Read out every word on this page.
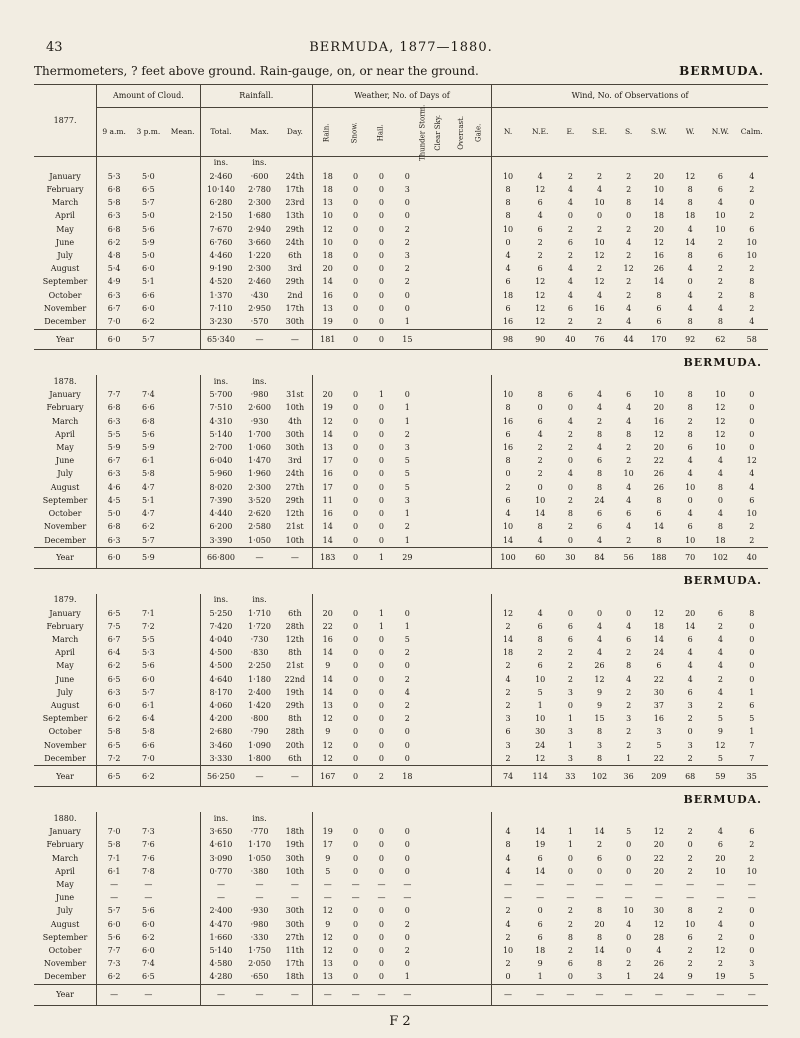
43	BERMUDA, 1877—1880.
Thermometers, ? feet above ground. Rain-gauge, on, or near the ground.	BERMUDA.
1877.	Amount of Cloud.			Rainfall.			Weather, No. of Days of							Wind, No. of Observations of								
	9 a.m.	3 p.m.	Mean.	Total.	Max.	Day.	Rain.	Snow.	Hail.	Thunder Storm.	Clear Sky.	Overcast.	Gale.	N.	N.E.	E.	S.E.	S.	S.W.	W.	N.W.	Calm.
				ins.	ins.																	
January	5·3	5·0		2·460	·600	24th	18	0	0	0				10	4	2	2	2	20	12	6	4
February	6·8	6·5		10·140	2·780	17th	18	0	0	3				8	12	4	4	2	10	8	6	2
March	5·8	5·7		6·280	2·300	23rd	13	0	0	0				8	6	4	10	8	14	8	4	0
April	6·3	5·0		2·150	1·680	13th	10	0	0	0				8	4	0	0	0	18	18	10	2
May	6·8	5·6		7·670	2·940	29th	12	0	0	2				10	6	2	2	2	20	4	10	6
June	6·2	5·9		6·760	3·660	24th	10	0	0	2				0	2	6	10	4	12	14	2	10
July	4·8	5·0		4·460	1·220	6th	18	0	0	3				4	2	2	12	2	16	8	6	10
August	5·4	6·0		9·190	2·300	3rd	20	0	0	2				4	6	4	2	12	26	4	2	2
September	4·9	5·1		4·520	2·460	29th	14	0	0	2				6	12	4	12	2	14	0	2	8
October	6·3	6·6		1·370	·430	2nd	16	0	0	0				18	12	4	4	2	8	4	2	8
November	6·7	6·0		7·110	2·950	17th	13	0	0	0				6	12	6	16	4	6	4	4	2
December	7·0	6·2		3·230	·570	30th	19	0	0	1				16	12	2	2	4	6	8	8	4
Year	6·0	5·7		65·340	—	—	181	0	0	15				98	90	40	76	44	170	92	62	58
BERMUDA.																						
1878.				ins.	ins.																	
January	7·7	7·4		5·700	·980	31st	20	0	1	0				10	8	6	4	6	10	8	10	0
February	6·8	6·6		7·510	2·600	10th	19	0	0	1				8	0	0	4	4	20	8	12	0
March	6·3	6·8		4·310	·930	4th	12	0	0	1				16	6	4	2	4	16	2	12	0
April	5·5	5·6		5·140	1·700	30th	14	0	0	2				6	4	2	8	8	12	8	12	0
May	5·9	5·9		2·700	1·060	30th	13	0	0	3				16	2	2	4	2	20	6	10	0
June	6·7	6·1		6·040	1·470	3rd	17	0	0	5				8	2	0	6	2	22	4	4	12
July	6·3	5·8		5·960	1·960	24th	16	0	0	5				0	2	4	8	10	26	4	4	4
August	4·6	4·7		8·020	2·300	27th	17	0	0	5				2	0	0	8	4	26	10	8	4
September	4·5	5·1		7·390	3·520	29th	11	0	0	3				6	10	2	24	4	8	0	0	6
October	5·0	4·7		4·440	2·620	12th	16	0	0	1				4	14	8	6	6	6	4	4	10
November	6·8	6·2		6·200	2·580	21st	14	0	0	2				10	8	2	6	4	14	6	8	2
December	6·3	5·7		3·390	1·050	10th	14	0	0	1				14	4	0	4	2	8	10	18	2
Year	6·0	5·9		66·800	—	—	183	0	1	29				100	60	30	84	56	188	70	102	40
BERMUDA.																						
1879.				ins.	ins.																	
January	6·5	7·1		5·250	1·710	6th	20	0	1	0				12	4	0	0	0	12	20	6	8
February	7·5	7·2		7·420	1·720	28th	22	0	1	1				2	6	6	4	4	18	14	2	0
March	6·7	5·5		4·040	·730	12th	16	0	0	5				14	8	6	4	6	14	6	4	0
April	6·4	5·3		4·500	·830	8th	14	0	0	2				18	2	2	4	2	24	4	4	0
May	6·2	5·6		4·500	2·250	21st	9	0	0	0				2	6	2	26	8	6	4	4	0
June	6·5	6·0		4·640	1·180	22nd	14	0	0	2				4	10	2	12	4	22	4	2	0
July	6·3	5·7		8·170	2·400	19th	14	0	0	4				2	5	3	9	2	30	6	4	1
August	6·0	6·1		4·060	1·420	29th	13	0	0	2				2	1	0	9	2	37	3	2	6
September	6·2	6·4		4·200	·800	8th	12	0	0	2				3	10	1	15	3	16	2	5	5
October	5·8	5·8		2·680	·790	28th	9	0	0	0				6	30	3	8	2	3	0	9	1
November	6·5	6·6		3·460	1·090	20th	12	0	0	0				3	24	1	3	2	5	3	12	7
December	7·2	7·0		3·330	1·800	6th	12	0	0	0				2	12	3	8	1	22	2	5	7
Year	6·5	6·2		56·250	—	—	167	0	2	18				74	114	33	102	36	209	68	59	35
BERMUDA.																						
1880.				ins.	ins.																	
January	7·0	7·3		3·650	·770	18th	19	0	0	0				4	14	1	14	5	12	2	4	6
February	5·8	7·6		4·610	1·170	19th	17	0	0	0				8	19	1	2	0	20	0	6	2
March	7·1	7·6		3·090	1·050	30th	9	0	0	0				4	6	0	6	0	22	2	20	2
April	6·1	7·8		0·770	·380	10th	5	0	0	0				4	14	0	0	0	20	2	10	10
May	—	—		—	—	—	—	—	—	—				—	—	—	—	—	—	—	—	—
June	—	—		—	—	—	—	—	—	—				—	—	—	—	—	—	—	—	—
July	5·7	5·6		2·400	·930	30th	12	0	0	0				2	0	2	8	10	30	8	2	0
August	6·0	6·0		4·470	·980	30th	9	0	0	2				4	6	2	20	4	12	10	4	0
September	5·6	6·2		1·660	·330	27th	12	0	0	0				2	6	8	8	0	28	6	2	0
October	7·7	6·0		5·140	1·750	11th	12	0	0	2				10	18	2	14	0	4	2	12	0
November	7·3	7·4		4·580	2·050	17th	13	0	0	0				2	9	6	8	2	26	2	2	3
December	6·2	6·5		4·280	·650	18th	13	0	0	1				0	1	0	3	1	24	9	19	5
Year	—	—		—	—	—	—	—	—	—				—	—	—	—	—	—	—	—	—
F 2
